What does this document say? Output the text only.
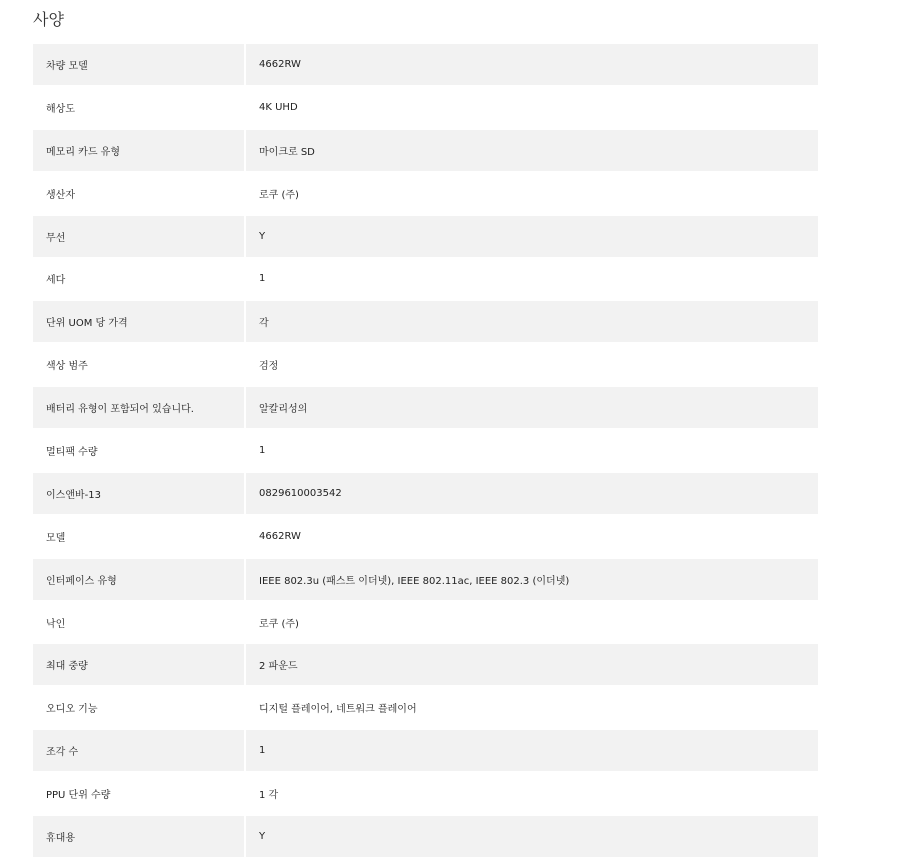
사양
차량 모델	4662RW
해상도	4K UHD
메모리 카드 유형	마이크로 SD
생산자	로쿠 (주)
무선	Y
세다	1
단위 UOM 당 가격	각
색상 범주	검정
배터리 유형이 포함되어 있습니다.	알칼리성의
멀티팩 수량	1
이스앤바-13	0829610003542
모델	4662RW
인터페이스 유형	IEEE 802.3u (패스트 이더넷), IEEE 802.11ac, IEEE 802.3 (이더넷)
낙인	로쿠 (주)
최대 중량	2 파운드
오디오 기능	디지털 플레이어, 네트워크 플레이어
조각 수	1
PPU 단위 수량	1 각
휴대용	Y
